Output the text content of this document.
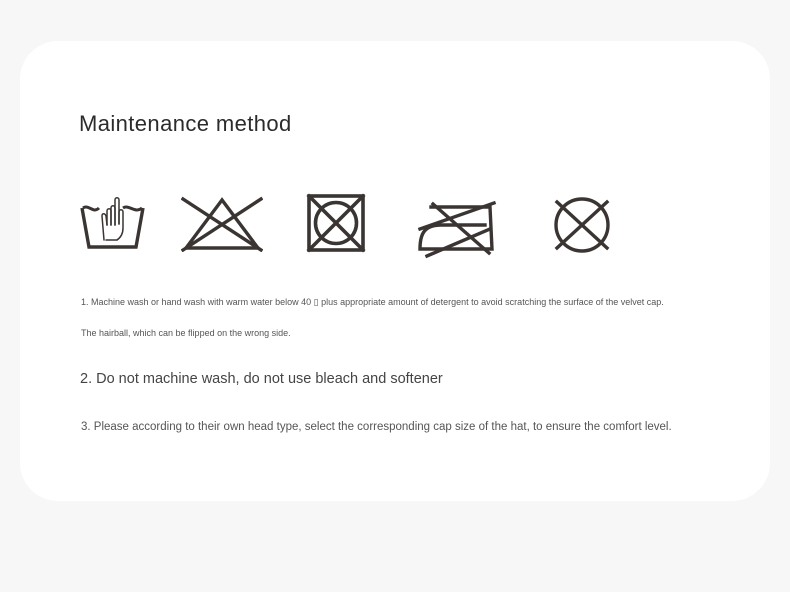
Maintenance method

1. Machine wash or hand wash with warm water below 40 ▯ plus appropriate amount of detergent to avoid scratching the surface of the velvet cap.

The hairball, which can be flipped on the wrong side.

2. Do not machine wash, do not use bleach and softener

3. Please according to their own head type, select the corresponding cap size of the hat, to ensure the comfort level.
